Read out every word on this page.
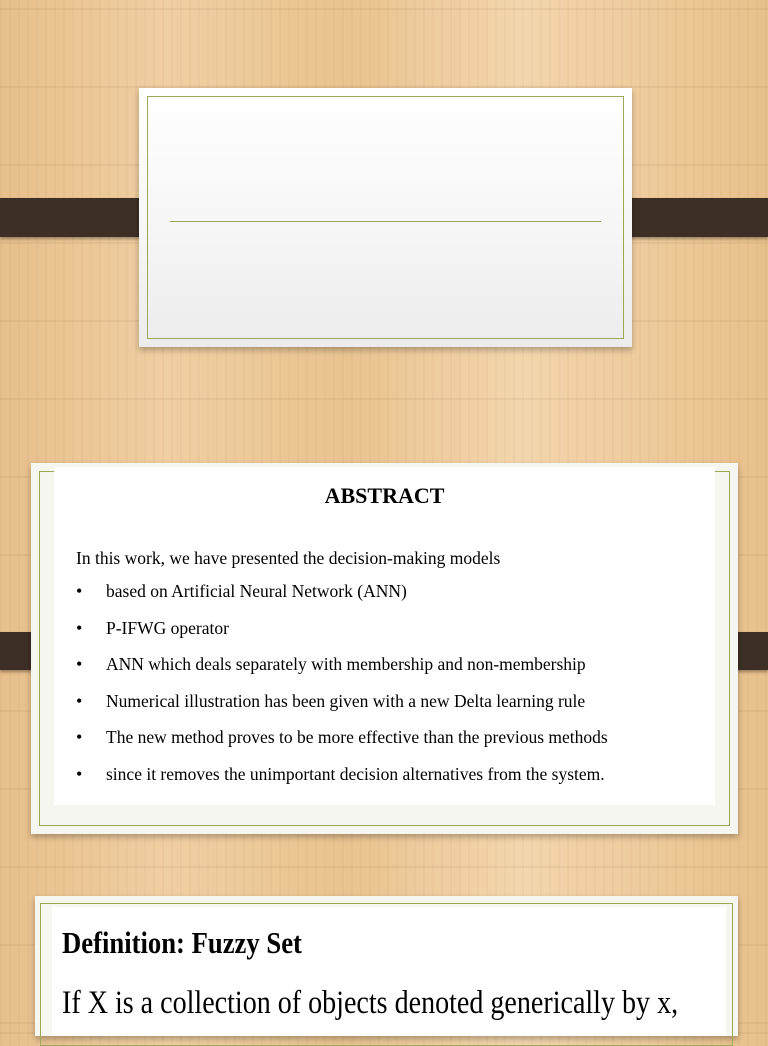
ABSTRACT
In this work, we have presented the decision-making models
• based on Artificial Neural Network (ANN)
• P-IFWG operator
• ANN which deals separately with membership and non-membership
• Numerical illustration has been given with a new Delta learning rule
• The new method proves to be more effective than the previous methods
• since it removes the unimportant decision alternatives from the system.
Definition: Fuzzy Set
If X is a collection of objects denoted generically by x,
